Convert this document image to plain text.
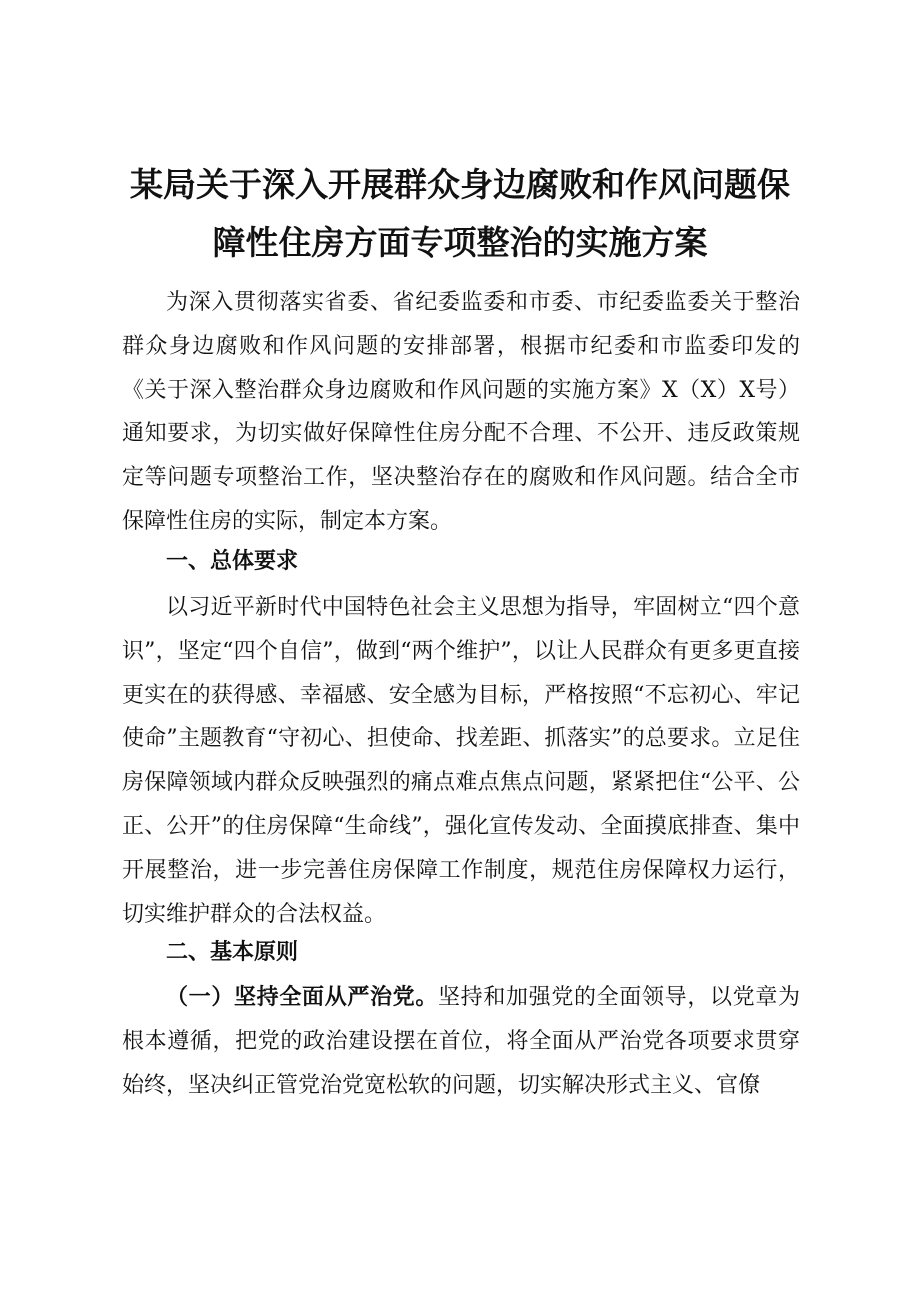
某局关于深入开展群众身边腐败和作风问题保
障性住房方面专项整治的实施方案

为深入贯彻落实省委、省纪委监委和市委、市纪委监委关于整治群众身边腐败和作风问题的安排部署，根据市纪委和市监委印发的《关于深入整治群众身边腐败和作风问题的实施方案》X（X）X号）通知要求，为切实做好保障性住房分配不合理、不公开、违反政策规定等问题专项整治工作，坚决整治存在的腐败和作风问题。结合全市保障性住房的实际，制定本方案。

一、总体要求

以习近平新时代中国特色社会主义思想为指导，牢固树立“四个意识”，坚定“四个自信”，做到“两个维护”，以让人民群众有更多更直接更实在的获得感、幸福感、安全感为目标，严格按照“不忘初心、牢记使命”主题教育“守初心、担使命、找差距、抓落实”的总要求。立足住房保障领域内群众反映强烈的痛点难点焦点问题，紧紧把住“公平、公正、公开”的住房保障“生命线”，强化宣传发动、全面摸底排查、集中开展整治，进一步完善住房保障工作制度，规范住房保障权力运行，切实维护群众的合法权益。

二、基本原则

（一）坚持全面从严治党。坚持和加强党的全面领导，以党章为根本遵循，把党的政治建设摆在首位，将全面从严治党各项要求贯穿始终，坚决纠正管党治党宽松软的问题，切实解决形式主义、官僚
